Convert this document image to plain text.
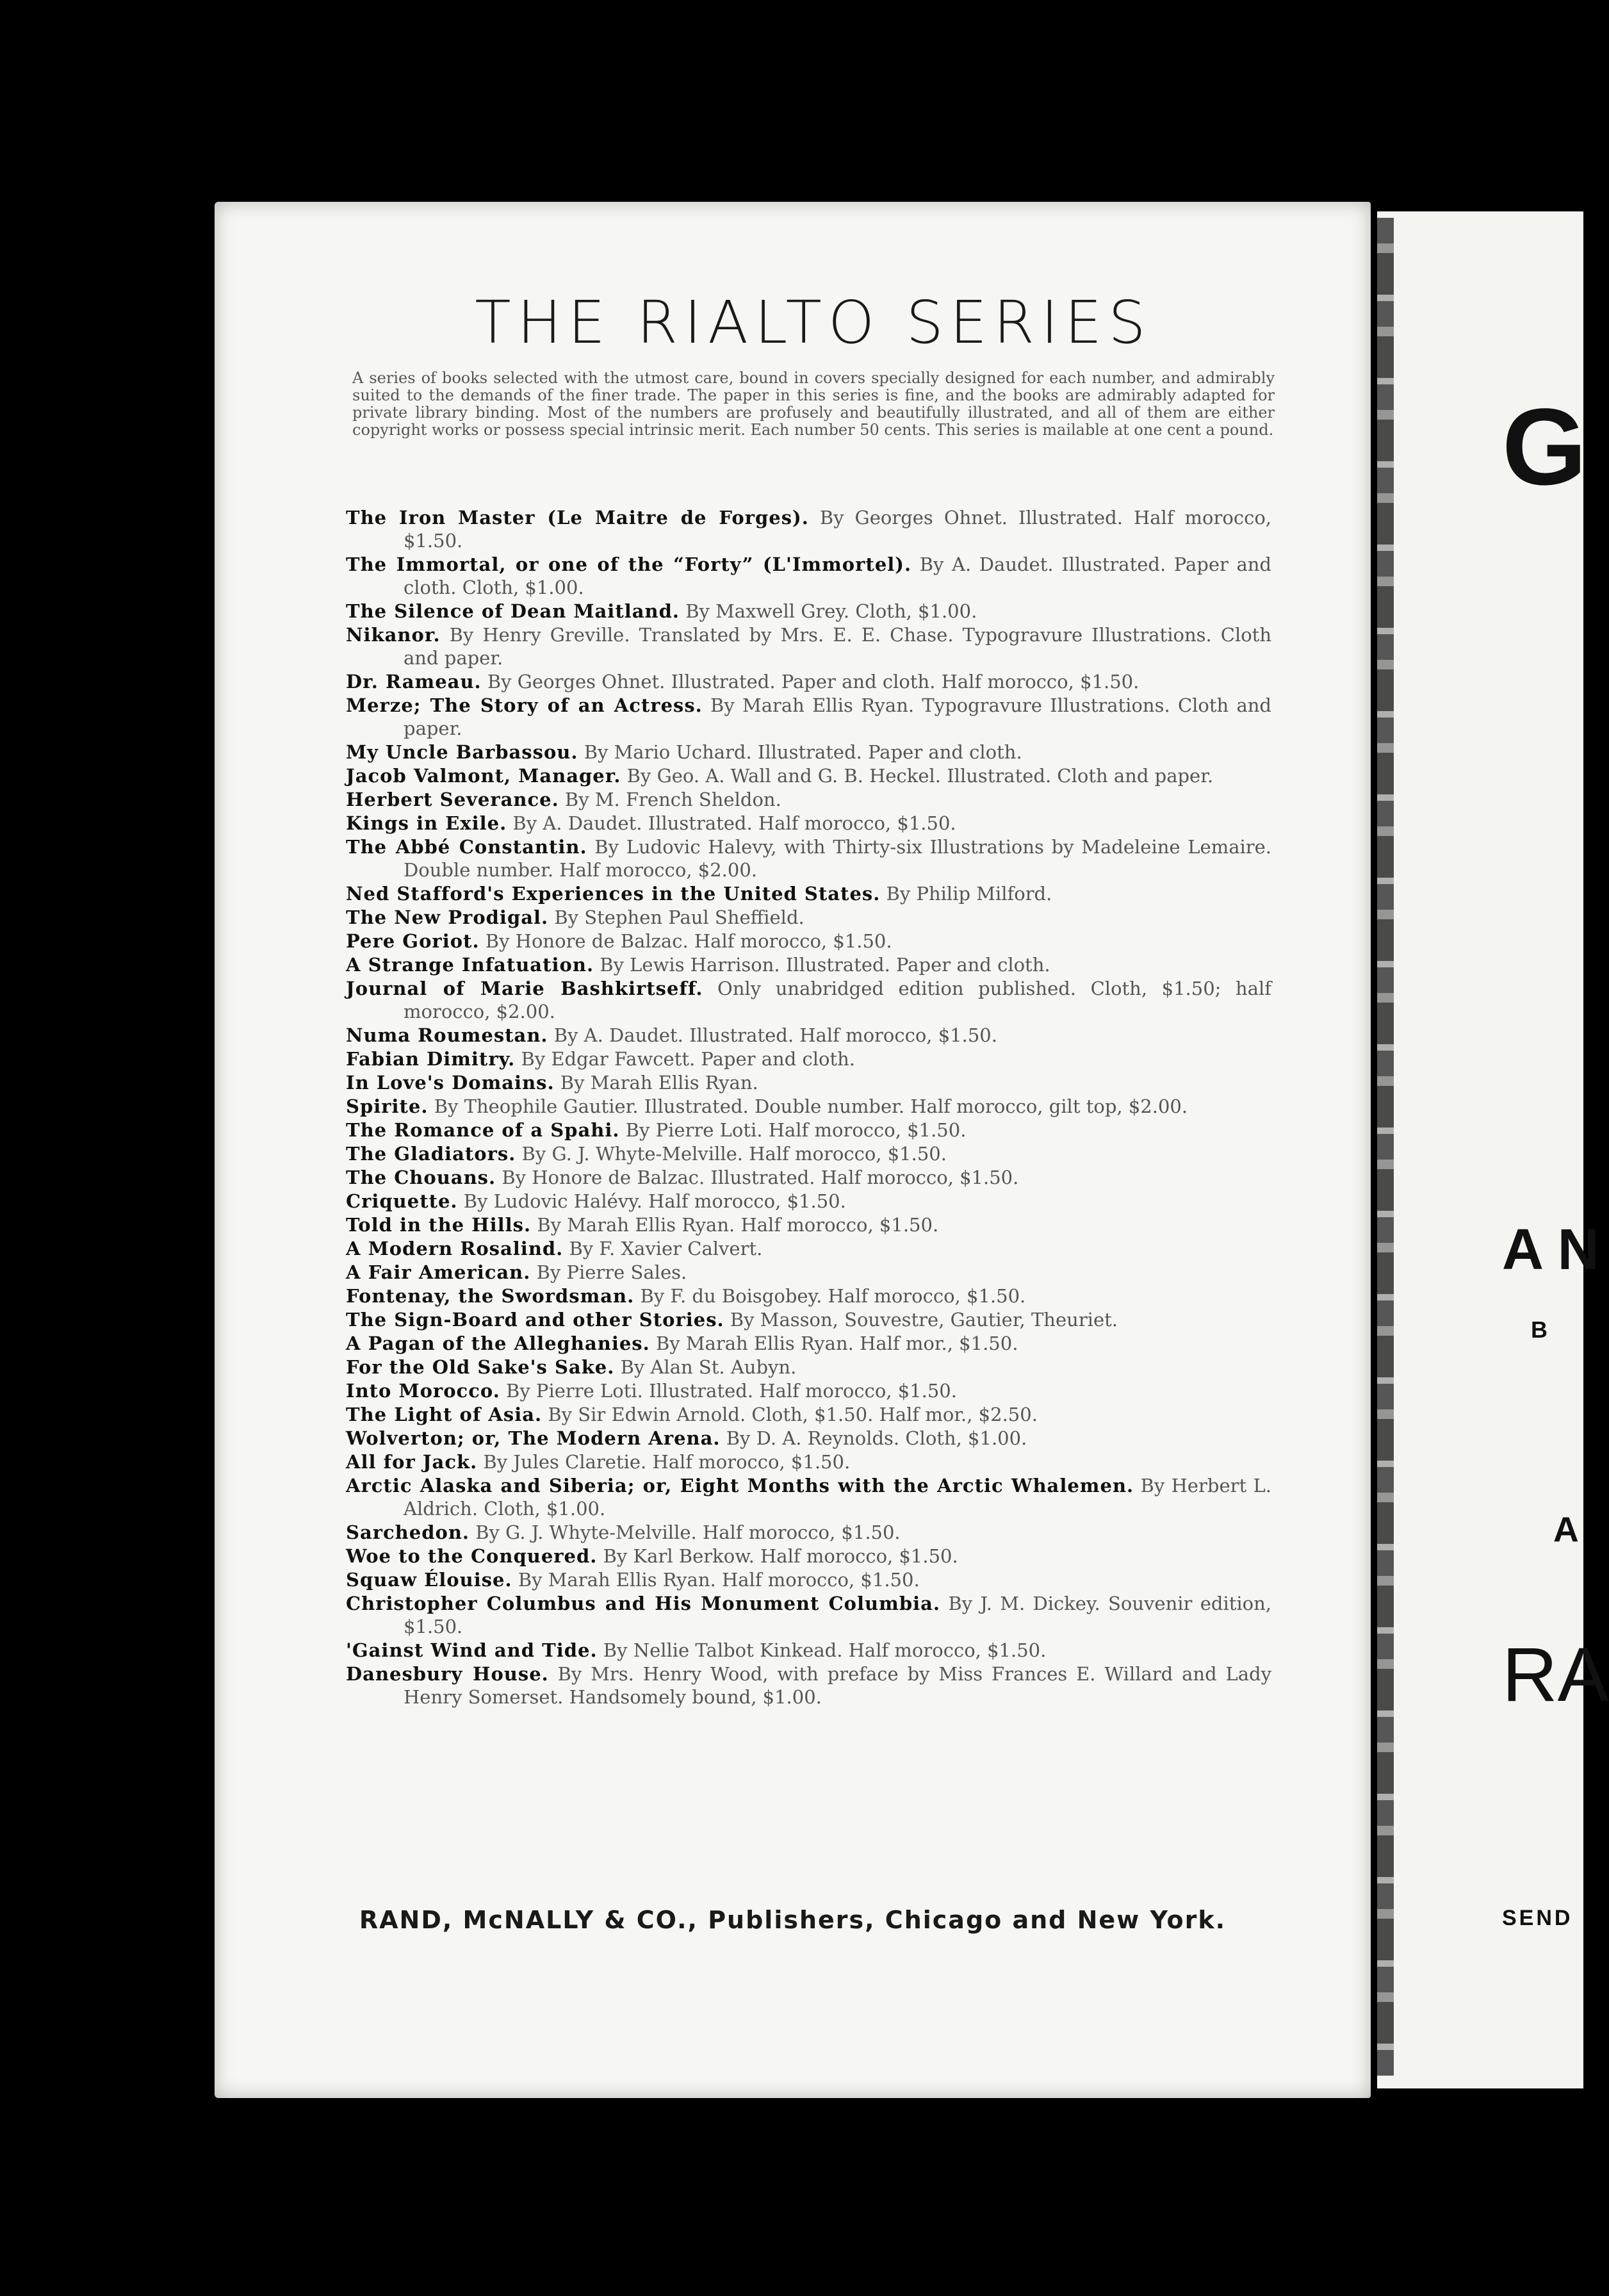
THE RIALTO SERIES
A series of books selected with the utmost care, bound in covers specially designed for each number, and admirably suited to the demands of the finer trade. The paper in this series is fine, and the books are admirably adapted for private library binding. Most of the numbers are profusely and beautifully illustrated, and all of them are either copyright works or possess special intrinsic merit. Each number 50 cents. This series is mailable at one cent a pound.
The Iron Master (Le Maitre de Forges). By Georges Ohnet. Illustrated. Half morocco, $1.50.
The Immortal, or one of the “Forty” (L'Immortel). By A. Daudet. Illustrated. Paper and cloth. Cloth, $1.00.
The Silence of Dean Maitland. By Maxwell Grey. Cloth, $1.00.
Nikanor. By Henry Greville. Translated by Mrs. E. E. Chase. Typogravure Illustrations. Cloth and paper.
Dr. Rameau. By Georges Ohnet. Illustrated. Paper and cloth. Half morocco, $1.50.
Merze; The Story of an Actress. By Marah Ellis Ryan. Typogravure Illustrations. Cloth and paper.
My Uncle Barbassou. By Mario Uchard. Illustrated. Paper and cloth.
Jacob Valmont, Manager. By Geo. A. Wall and G. B. Heckel. Illustrated. Cloth and paper.
Herbert Severance. By M. French Sheldon.
Kings in Exile. By A. Daudet. Illustrated. Half morocco, $1.50.
The Abbé Constantin. By Ludovic Halevy, with Thirty-six Illustrations by Madeleine Lemaire. Double number. Half morocco, $2.00.
Ned Stafford's Experiences in the United States. By Philip Milford.
The New Prodigal. By Stephen Paul Sheffield.
Pere Goriot. By Honore de Balzac. Half morocco, $1.50.
A Strange Infatuation. By Lewis Harrison. Illustrated. Paper and cloth.
Journal of Marie Bashkirtseff. Only unabridged edition published. Cloth, $1.50; half morocco, $2.00.
Numa Roumestan. By A. Daudet. Illustrated. Half morocco, $1.50.
Fabian Dimitry. By Edgar Fawcett. Paper and cloth.
In Love's Domains. By Marah Ellis Ryan.
Spirite. By Theophile Gautier. Illustrated. Double number. Half morocco, gilt top, $2.00.
The Romance of a Spahi. By Pierre Loti. Half morocco, $1.50.
The Gladiators. By G. J. Whyte-Melville. Half morocco, $1.50.
The Chouans. By Honore de Balzac. Illustrated. Half morocco, $1.50.
Criquette. By Ludovic Halévy. Half morocco, $1.50.
Told in the Hills. By Marah Ellis Ryan. Half morocco, $1.50.
A Modern Rosalind. By F. Xavier Calvert.
A Fair American. By Pierre Sales.
Fontenay, the Swordsman. By F. du Boisgobey. Half morocco, $1.50.
The Sign-Board and other Stories. By Masson, Souvestre, Gautier, Theuriet.
A Pagan of the Alleghanies. By Marah Ellis Ryan. Half mor., $1.50.
For the Old Sake's Sake. By Alan St. Aubyn.
Into Morocco. By Pierre Loti. Illustrated. Half morocco, $1.50.
The Light of Asia. By Sir Edwin Arnold. Cloth, $1.50. Half mor., $2.50.
Wolverton; or, The Modern Arena. By D. A. Reynolds. Cloth, $1.00.
All for Jack. By Jules Claretie. Half morocco, $1.50.
Arctic Alaska and Siberia; or, Eight Months with the Arctic Whalemen. By Herbert L. Aldrich. Cloth, $1.00.
Sarchedon. By G. J. Whyte-Melville. Half morocco, $1.50.
Woe to the Conquered. By Karl Berkow. Half morocco, $1.50.
Squaw Élouise. By Marah Ellis Ryan. Half morocco, $1.50.
Christopher Columbus and His Monument Columbia. By J. M. Dickey. Souvenir edition, $1.50.
'Gainst Wind and Tide. By Nellie Talbot Kinkead. Half morocco, $1.50.
Danesbury House. By Mrs. Henry Wood, with preface by Miss Frances E. Willard and Lady Henry Somerset. Handsomely bound, $1.00.
RAND, McNALLY & CO., Publishers, Chicago and New York.
G
A N
B
A
RA
SEND
